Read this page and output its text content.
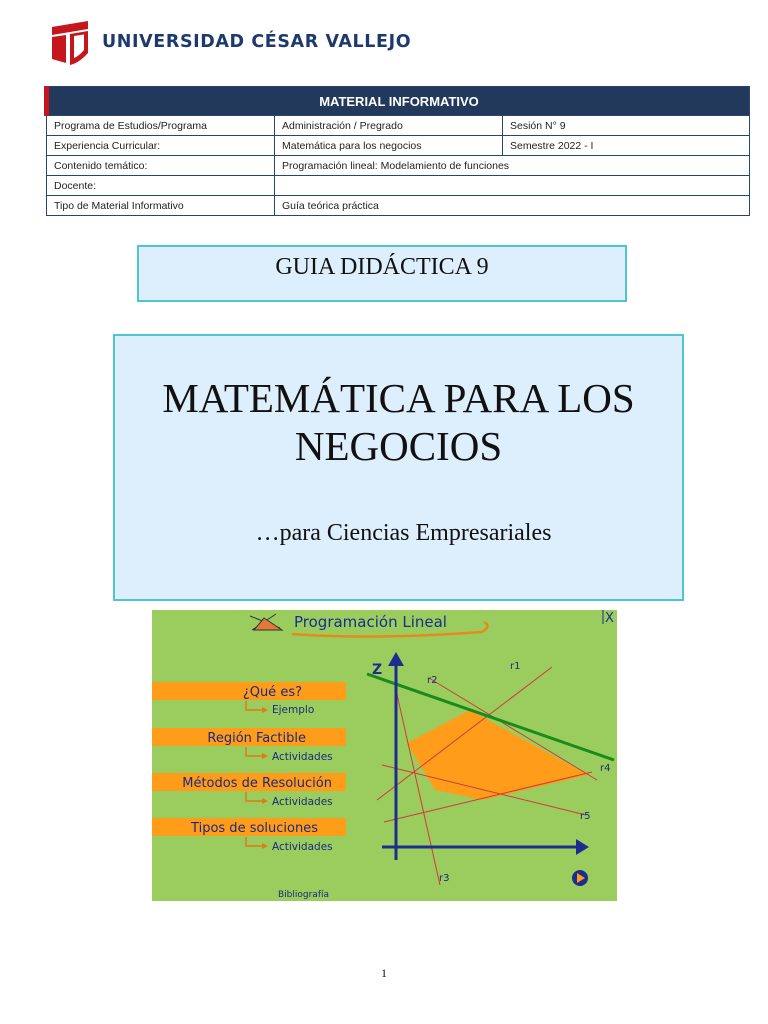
UNIVERSIDAD CÉSAR VALLEJO
MATERIAL INFORMATIVO		
Programa de Estudios/Programa	Administración / Pregrado	Sesión N° 9
Experiencia Curricular:	Matemática para los negocios	Semestre 2022 - I
Contenido temático:	Programación lineal: Modelamiento de funciones	
Docente:		
Tipo de Material Informativo	Guía teórica práctica	
GUIA DIDÁCTICA 9
MATEMÁTICA PARA LOS
NEGOCIOS
…para Ciencias Empresariales
Programación Lineal	X
¿Qué es?
Ejemplo
Región Factible
Actividades
Métodos de Resolución
Actividades
Tipos de soluciones
Actividades
Bibliografía
Z	r1
r2
r3
r4
r5
1
